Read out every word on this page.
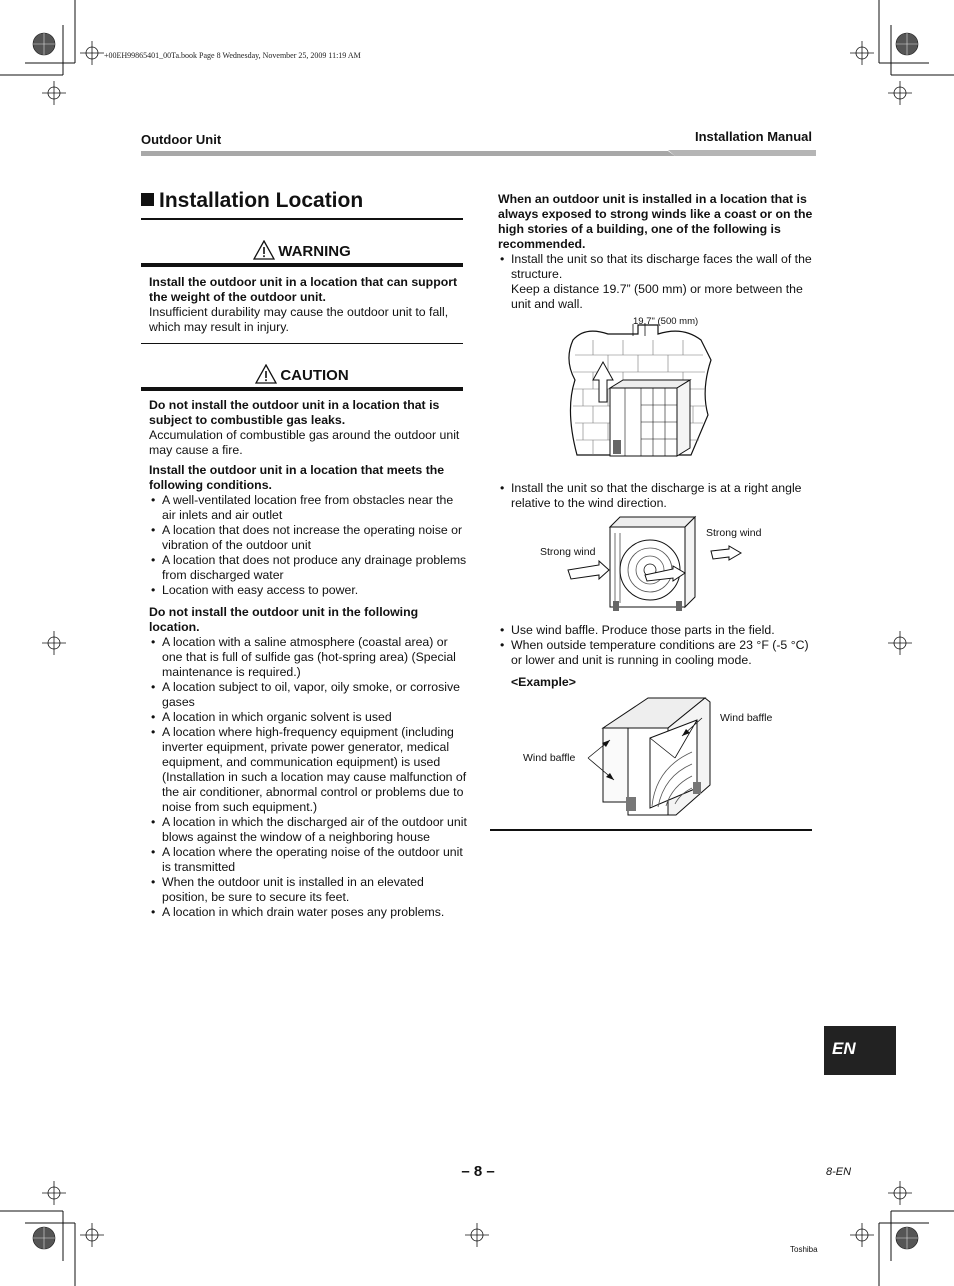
+00EH99865401_00Ta.book Page 8 Wednesday, November 25, 2009 11:19 AM
Outdoor Unit	Installation Manual
Installation Location
WARNING

Install the outdoor unit in a location that can support the weight of the outdoor unit.

Insufficient durability may cause the outdoor unit to fall, which may result in injury.

CAUTION

Do not install the outdoor unit in a location that is subject to combustible gas leaks.

Accumulation of combustible gas around the outdoor unit may cause a fire.

Install the outdoor unit in a location that meets the following conditions.

• A well-ventilated location free from obstacles near the air inlets and air outlet
• A location that does not increase the operating noise or vibration of the outdoor unit
• A location that does not produce any drainage problems from discharged water
• Location with easy access to power.

Do not install the outdoor unit in the following location.

• A location with a saline atmosphere (coastal area) or one that is full of sulfide gas (hot-spring area) (Special maintenance is required.)
• A location subject to oil, vapor, oily smoke, or corrosive gases
• A location in which organic solvent is used
• A location where high-frequency equipment (including inverter equipment, private power generator, medical equipment, and communication equipment) is used (Installation in such a location may cause malfunction of the air conditioner, abnormal control or problems due to noise from such equipment.)
• A location in which the discharged air of the outdoor unit blows against the window of a neighboring house
• A location where the operating noise of the outdoor unit is transmitted
• When the outdoor unit is installed in an elevated position, be sure to secure its feet.
• A location in which drain water poses any problems.

When an outdoor unit is installed in a location that is always exposed to strong winds like a coast or on the high stories of a building, one of the following is recommended.

• Install the unit so that its discharge faces the wall of the structure.
Keep a distance 19.7” (500 mm) or more between the unit and wall.
19.7" (500 mm)
• Install the unit so that the discharge is at a right angle relative to the wind direction.
Strong wind
Strong wind
• Use wind baffle. Produce those parts in the field.
• When outside temperature conditions are 23 °F (-5 °C) or lower and unit is running in cooling mode.

<Example>

Wind baffle
Wind baffle
EN
– 8 –	8-EN
Toshiba
